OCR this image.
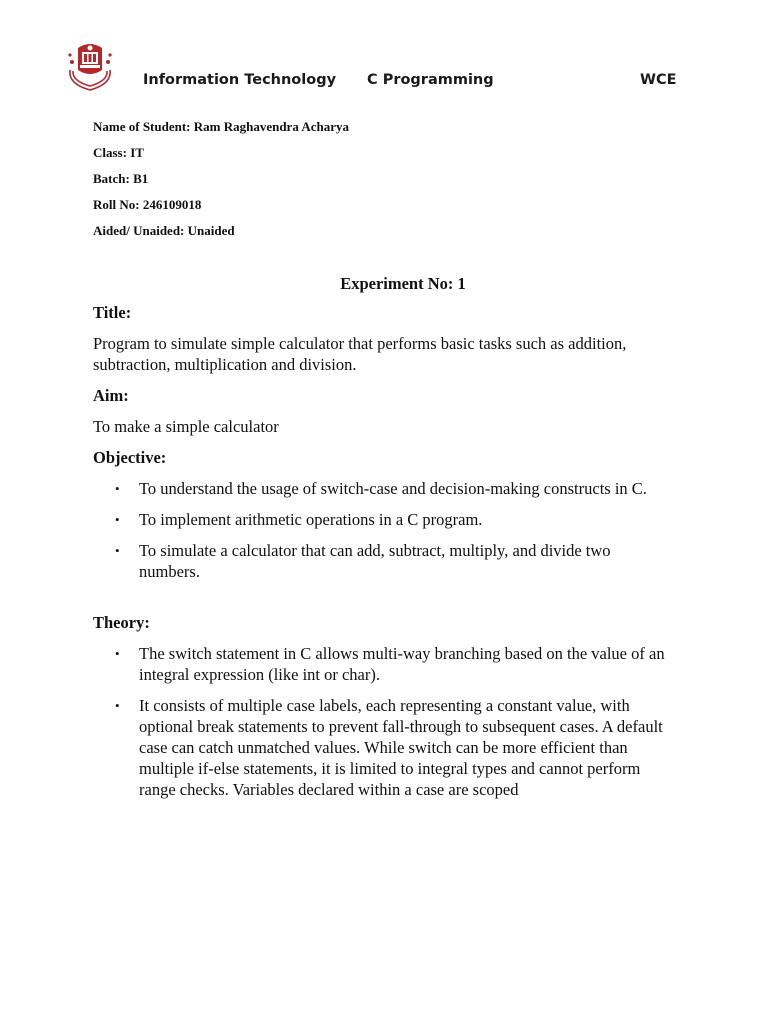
Information Technology C Programming	WCE
Name of Student: Ram Raghavendra Acharya
Class: IT
Batch: B1
Roll No: 246109018
Aided/ Unaided: Unaided
Experiment No: 1
Title:
Program to simulate simple calculator that performs basic tasks such as addition, subtraction, multiplication and division.
Aim:
To make a simple calculator
Objective:
• To understand the usage of switch-case and decision-making constructs in C.
• To implement arithmetic operations in a C program.
• To simulate a calculator that can add, subtract, multiply, and divide two numbers.
Theory:
• The switch statement in C allows multi-way branching based on the value of an integral expression (like int or char).
• It consists of multiple case labels, each representing a constant value, with optional break statements to prevent fall-through to subsequent cases. A default case can catch unmatched values. While switch can be more efficient than multiple if-else statements, it is limited to integral types and cannot perform range checks. Variables declared within a case are scoped
